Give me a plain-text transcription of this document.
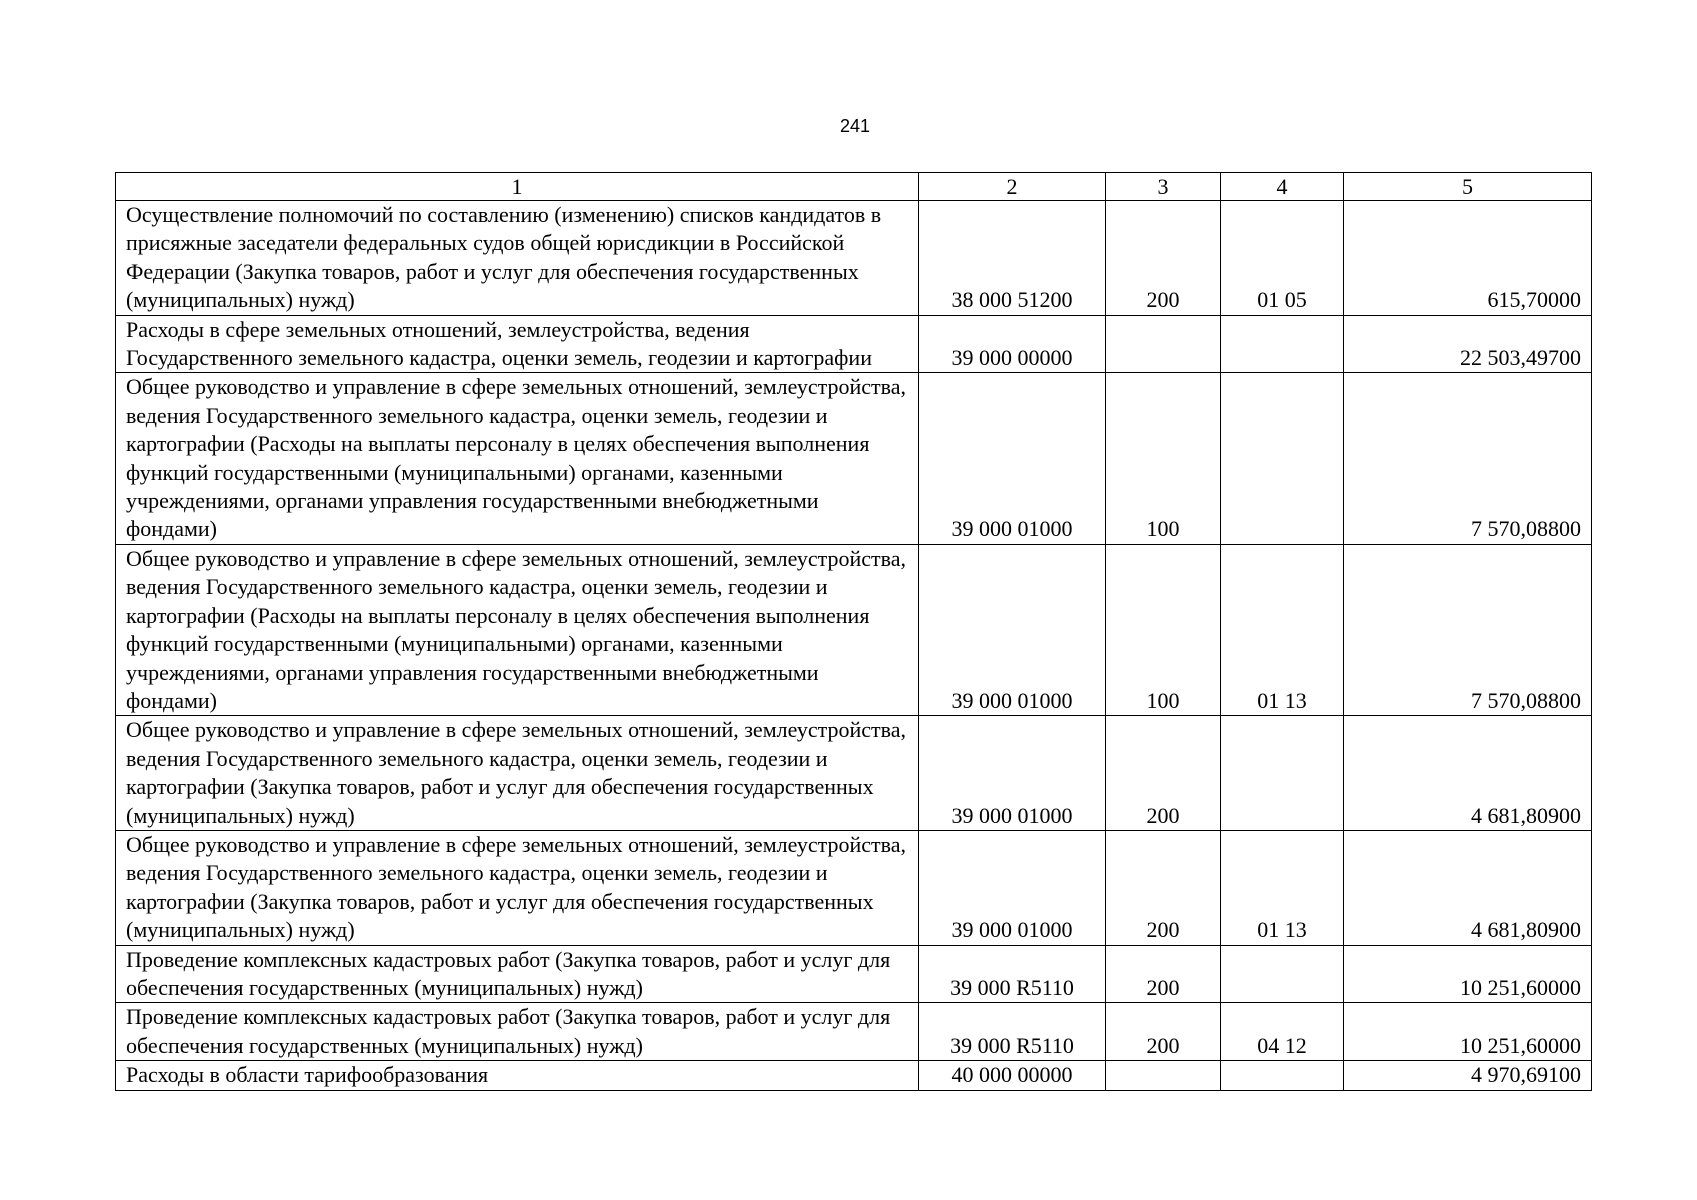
241
1	2	3	4	5
Осуществление полномочий по составлению (изменению) списков кандидатов в присяжные заседатели федеральных судов общей юрисдикции в Российской Федерации (Закупка товаров, работ и услуг для обеспечения государственных (муниципальных) нужд)	38 000 51200	200	01 05	615,70000
Расходы в сфере земельных отношений, землеустройства, ведения Государственного земельного кадастра, оценки земель, геодезии и картографии	39 000 00000			22 503,49700
Общее руководство и управление в сфере земельных отношений, землеустройства, ведения Государственного земельного кадастра, оценки земель, геодезии и картографии (Расходы на выплаты персоналу в целях обеспечения выполнения функций государственными (муниципальными) органами, казенными учреждениями, органами управления государственными внебюджетными фондами)	39 000 01000	100		7 570,08800
Общее руководство и управление в сфере земельных отношений, землеустройства, ведения Государственного земельного кадастра, оценки земель, геодезии и картографии (Расходы на выплаты персоналу в целях обеспечения выполнения функций государственными (муниципальными) органами, казенными учреждениями, органами управления государственными внебюджетными фондами)	39 000 01000	100	01 13	7 570,08800
Общее руководство и управление в сфере земельных отношений, землеустройства, ведения Государственного земельного кадастра, оценки земель, геодезии и картографии (Закупка товаров, работ и услуг для обеспечения государственных (муниципальных) нужд)	39 000 01000	200		4 681,80900
Общее руководство и управление в сфере земельных отношений, землеустройства, ведения Государственного земельного кадастра, оценки земель, геодезии и картографии (Закупка товаров, работ и услуг для обеспечения государственных (муниципальных) нужд)	39 000 01000	200	01 13	4 681,80900
Проведение комплексных кадастровых работ (Закупка товаров, работ и услуг для обеспечения государственных (муниципальных) нужд)	39 000 R5110	200		10 251,60000
Проведение комплексных кадастровых работ (Закупка товаров, работ и услуг для обеспечения государственных (муниципальных) нужд)	39 000 R5110	200	04 12	10 251,60000
Расходы в области тарифообразования	40 000 00000			4 970,69100
